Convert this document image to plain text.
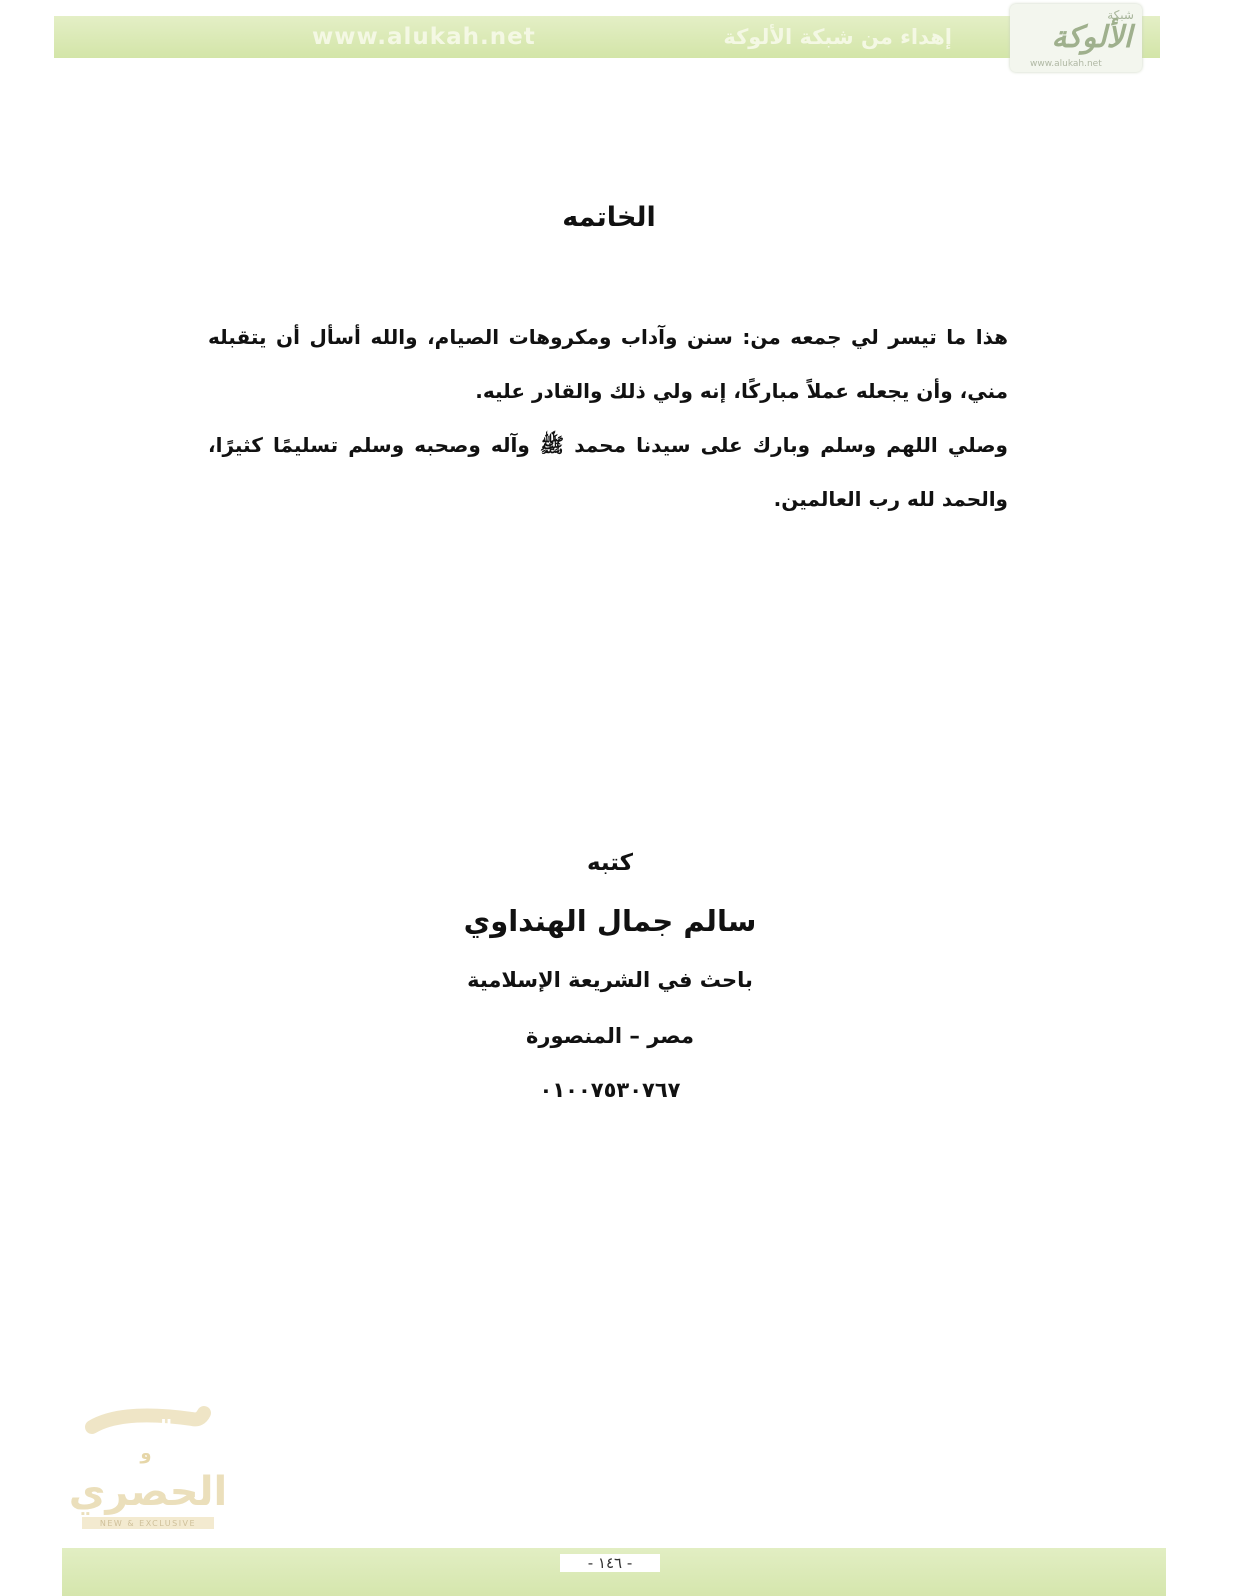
www.alukah.net	إهداء من شبكة الألوكة
شبكة
الألوكة
www.alukah.net
الخاتمه

هذا ما تيسر لي جمعه من: سنن وآداب ومكروهات الصيام، والله أسأل أن يتقبله مني، وأن يجعله عملاً مباركًا، إنه ولي ذلك والقادر عليه.

وصلي اللهم وسلم وبارك على سيدنا محمد ﷺ وآله وصحبه وسلم تسليمًا كثيرًا، والحمد لله رب العالمين.

كتبه
سالم جمال الهنداوي
باحث في الشريعة الإسلامية
مصر – المنصورة
٠١٠٠٧٥٣٠٧٦٧
الجديد
و
الحصري
NEW & EXCLUSIVE
- ١٤٦ -
